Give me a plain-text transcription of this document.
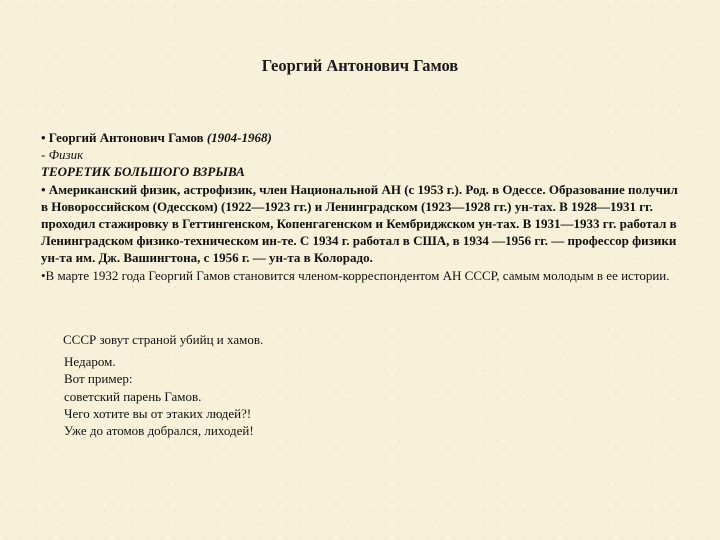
Георгий Антонович Гамов

• Георгий Антонович Гамов (1904-1968)

- Физик

ТЕОРЕТИК БОЛЬШОГО ВЗРЫВА

• Американский физик, астрофизик, член Национальной АН (с 1953 г.). Род. в Одессе. Образование получил в Новороссийском (Одесском) (1922—1923 гг.) и Ленинградском (1923—1928 гг.) ун-тах. В 1928—1931 гг. проходил стажировку в Геттингенском, Копенгагенском и Кембриджском ун-тах. В 1931—1933 гг. работал в Ленинградском физико-техническом ин-те. С 1934 г. работал в США, в 1934 —1956 гг. — профессор физики ун-та им. Дж. Вашингтона, с 1956 г. — ун-та в Колорадо.

•В марте 1932 года Георгий Гамов становится членом-корреспондентом АН СССР, самым молодым в ее истории.

СССР зовут страной убийц и хамов.

Недаром.

Вот пример:

советский парень Гамов.

Чего хотите вы от этаких людей?!

Уже до атомов добрался, лиходей!
